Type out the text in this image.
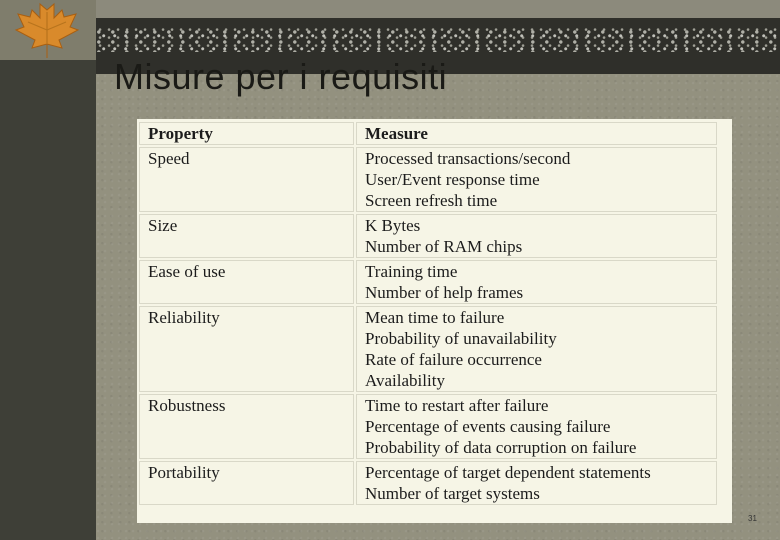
Misure per i requisiti
Property	Measure
Speed	Processed transactions/second
User/Event response time
Screen refresh time

Size	K Bytes
Number of RAM chips

Ease of use	Training time
Number of help frames

Reliability	Mean time to failure
Probability of unavailability
Rate of failure occurrence
Availability

Robustness	Time to restart after failure
Percentage of events causing failure
Probability of data corruption on failure

Portability	Percentage of target dependent statements
Number of target systems
31
